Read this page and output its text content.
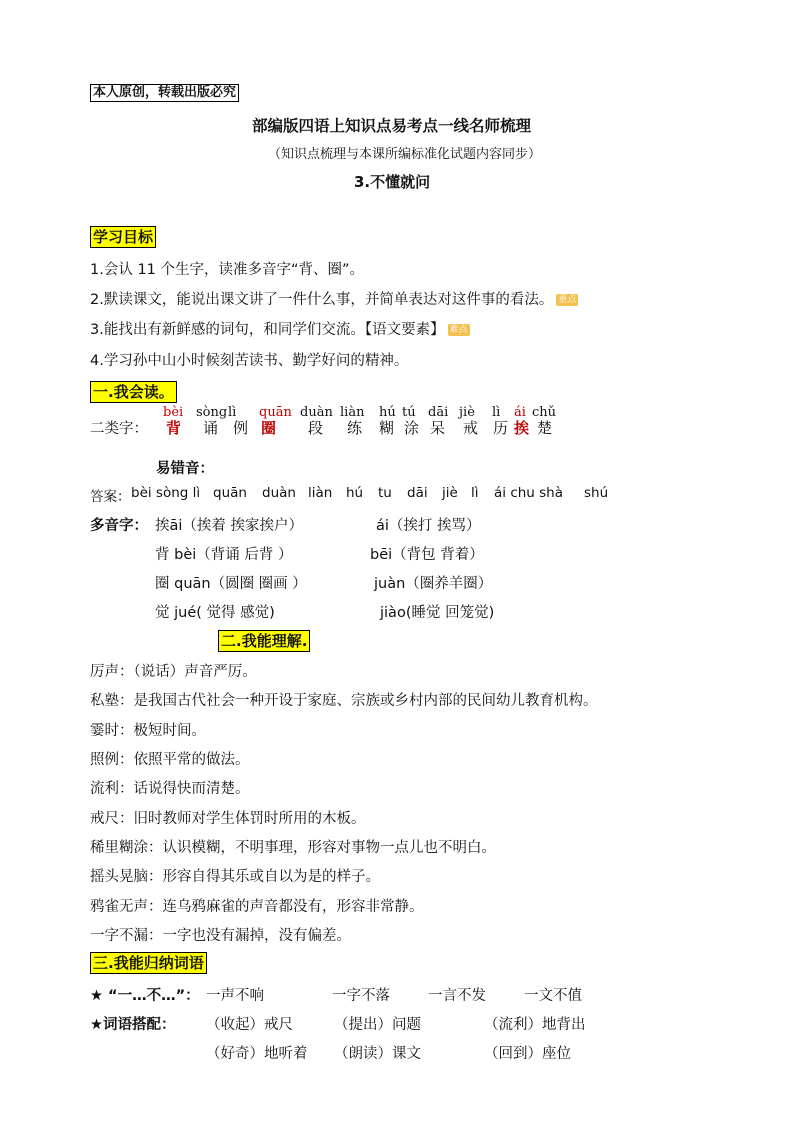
本人原创，转载出版必究
部编版四语上知识点易考点一线名师梳理
（知识点梳理与本课所编标准化试题内容同步）
3.不懂就问
学习目标
1.会认 11 个生字，读准多音字“背、圈”。
2.默读课文，能说出课文讲了一件什么事，并简单表达对这件事的看法。 重点
3.能找出有新鲜感的词句，和同学们交流。【语文要素】 难点
4.学习孙中山小时候刻苦读书、勤学好问的精神。
一.我会读。
bèi sòng lì quān duàn liàn hú tú dāi jiè lì ái chǔ
二类字： 背 诵 例 圈 段 练 糊 涂 呆 戒 历 挨 楚
易错音：
答案： bèi sòng lì quān duàn liàn hú tu dāi jiè lì ái chu shà shú
多音字： 挨āi（挨着 挨家挨户）	ái（挨打 挨骂）
背 bèi（背诵 后背 ）	bēi（背包 背着）
圈 quān（圆圈 圈画 ）	juàn（圈养羊圈）
觉 jué( 觉得 感觉)	jiào(睡觉 回笼觉)
二.我能理解.
厉声：（说话）声音严厉。
私塾：是我国古代社会一种开设于家庭、宗族或乡村内部的民间幼儿教育机构。
霎时：极短时间。
照例：依照平常的做法。
流利：话说得快而清楚。
戒尺：旧时教师对学生体罚时所用的木板。
稀里糊涂：认识模糊，不明事理，形容对事物一点儿也不明白。
摇头晃脑：形容自得其乐或自以为是的样子。
鸦雀无声：连乌鸦麻雀的声音都没有，形容非常静。
一字不漏：一字也没有漏掉，没有偏差。
三.我能归纳词语
★ “一…不…”： 一声不响	一字不落	一言不发	一文不值
★词语搭配： （收起）戒尺	（提出）问题	（流利）地背出
（好奇）地听着 （朗读）课文	（回到）座位
